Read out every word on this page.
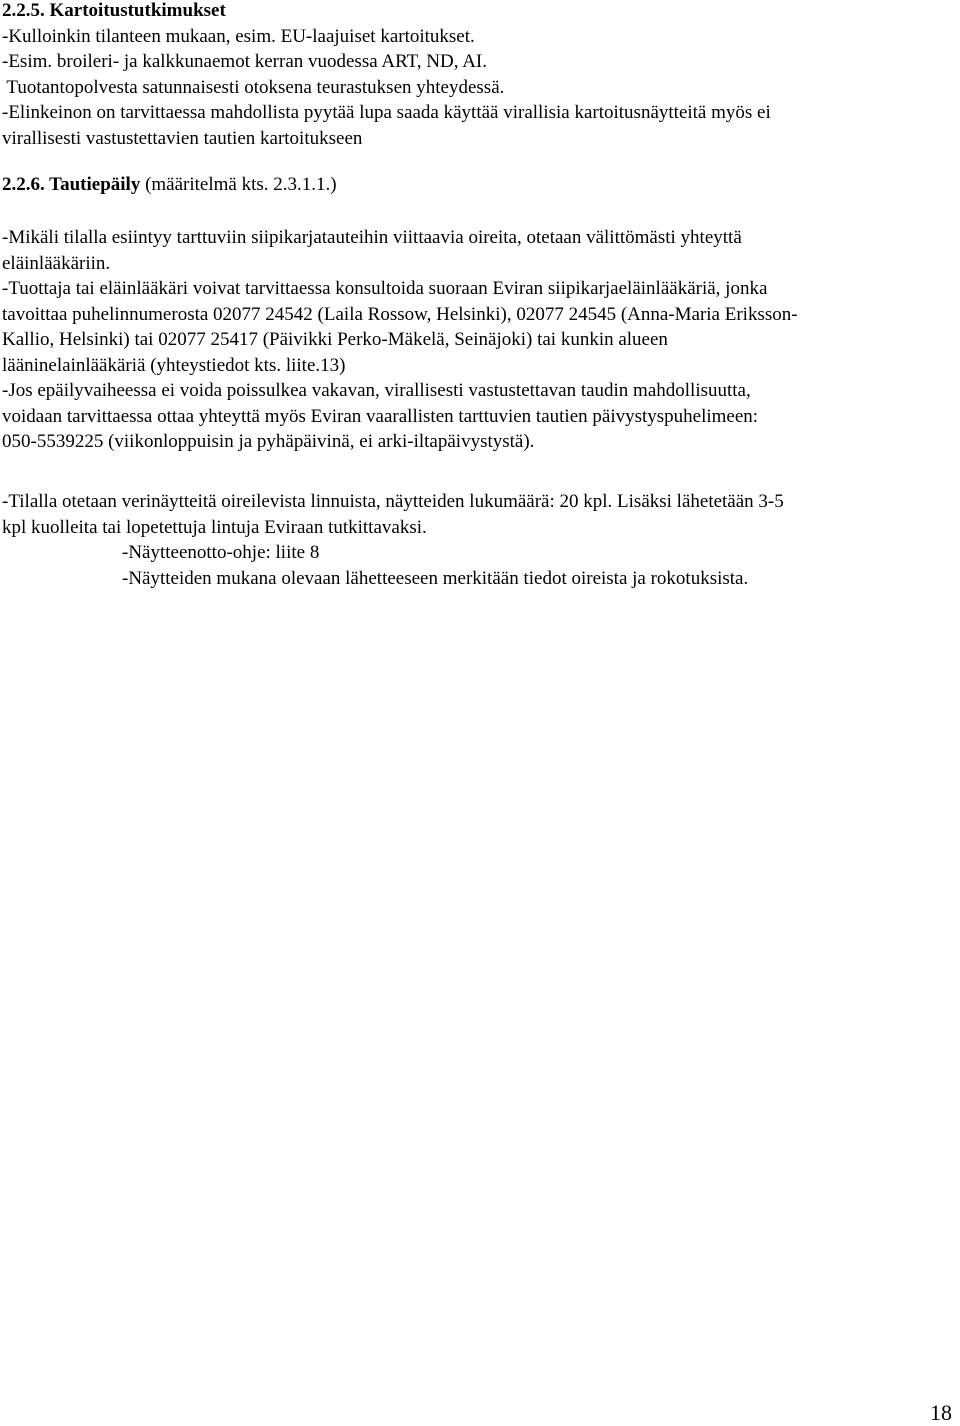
2.2.5. Kartoitustutkimukset

-Kulloinkin tilanteen mukaan, esim. EU-laajuiset kartoitukset.

-Esim. broileri- ja kalkkunaemot kerran vuodessa ART, ND, AI.

Tuotantopolvesta satunnaisesti otoksena teurastuksen yhteydessä.

-Elinkeinon on tarvittaessa mahdollista pyytää lupa saada käyttää virallisia kartoitusnäytteitä myös ei

virallisesti vastustettavien tautien kartoitukseen

2.2.6. Tautiepäily (määritelmä kts. 2.3.1.1.)

-Mikäli tilalla esiintyy tarttuviin siipikarjatauteihin viittaavia oireita, otetaan välittömästi yhteyttä

eläinlääkäriin.

-Tuottaja tai eläinlääkäri voivat tarvittaessa konsultoida suoraan Eviran siipikarjaeläinlääkäriä, jonka

tavoittaa puhelinnumerosta 02077 24542 (Laila Rossow, Helsinki), 02077 24545 (Anna-Maria Eriksson-

Kallio, Helsinki) tai 02077 25417 (Päivikki Perko-Mäkelä, Seinäjoki) tai kunkin alueen

lääninelainlääkäriä (yhteystiedot kts. liite.13)

-Jos epäilyvaiheessa ei voida poissulkea vakavan, virallisesti vastustettavan taudin mahdollisuutta,

voidaan tarvittaessa ottaa yhteyttä myös Eviran vaarallisten tarttuvien tautien päivystyspuhelimeen:

050-5539225 (viikonloppuisin ja pyhäpäivinä, ei arki-iltapäivystystä).

-Tilalla otetaan verinäytteitä oireilevista linnuista, näytteiden lukumäärä: 20 kpl. Lisäksi lähetetään 3-5

kpl kuolleita tai lopetettuja lintuja Eviraan tutkittavaksi.

-Näytteenotto-ohje: liite 8

-Näytteiden mukana olevaan lähetteeseen merkitään tiedot oireista ja rokotuksista.

18
